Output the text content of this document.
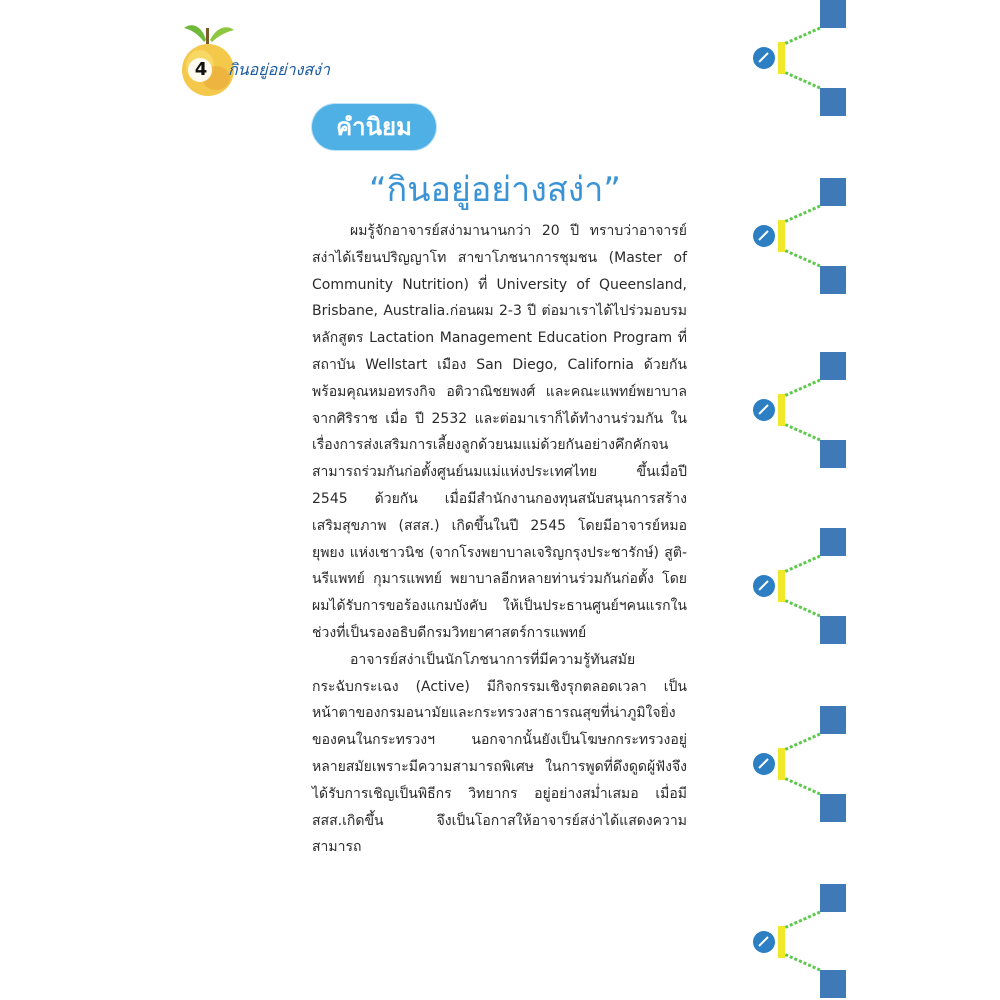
4	กินอยู่อย่างสง่า
คำนิยม
“กินอยู่อย่างสง่า”

ผมรู้จักอาจารย์สง่ามานานกว่า 20 ปี ทราบว่าอาจารย์สง่าได้เรียนปริญญาโท สาขาโภชนาการชุมชน (Master of Community Nutrition) ที่ University of Queensland, Brisbane, Australia.ก่อนผม 2-3 ปี ต่อมาเราได้ไปร่วมอบรมหลักสูตร Lactation Management Education Program ที่สถาบัน Wellstart เมือง San Diego, California ด้วยกันพร้อมคุณหมอทรงกิจ อติวาณิชยพงศ์ และคณะแพทย์พยาบาลจากศิริราช เมื่อ ปี 2532 และต่อมาเราก็ได้ทำงานร่วมกัน ในเรื่องการส่งเสริมการเลี้ยงลูกด้วยนมแม่ด้วยกันอย่างคึกคักจนสามารถร่วมกันก่อตั้งศูนย์นมแม่แห่งประเทศไทย ขึ้นเมื่อปี 2545 ด้วยกัน เมื่อมีสำนักงานกองทุนสนับสนุนการสร้างเสริมสุขภาพ (สสส.) เกิดขึ้นในปี 2545 โดยมีอาจารย์หมอยุพยง แห่งเชาวนิช (จากโรงพยาบาลเจริญกรุงประชารักษ์) สูติ-นรีแพทย์ กุมารแพทย์ พยาบาลอีกหลายท่านร่วมกันก่อตั้ง โดยผมได้รับการขอร้องแกมบังคับ ให้เป็นประธานศูนย์ฯคนแรกในช่วงที่เป็นรองอธิบดีกรมวิทยาศาสตร์การแพทย์

อาจารย์สง่าเป็นนักโภชนาการที่มีความรู้ทันสมัย กระฉับกระเฉง (Active) มีกิจกรรมเชิงรุกตลอดเวลา เป็นหน้าตาของกรมอนามัยและกระทรวงสาธารณสุขที่น่าภูมิใจยิ่งของคนในกระทรวงฯ นอกจากนั้นยังเป็นโฆษกกระทรวงอยู่หลายสมัยเพราะมีความสามารถพิเศษ ในการพูดที่ดึงดูดผู้ฟังจึงได้รับการเชิญเป็นพิธีกร วิทยากร อยู่อย่างสม่ำเสมอ เมื่อมี สสส.เกิดขึ้น จึงเป็นโอกาสให้อาจารย์สง่าได้แสดงความสามารถ
